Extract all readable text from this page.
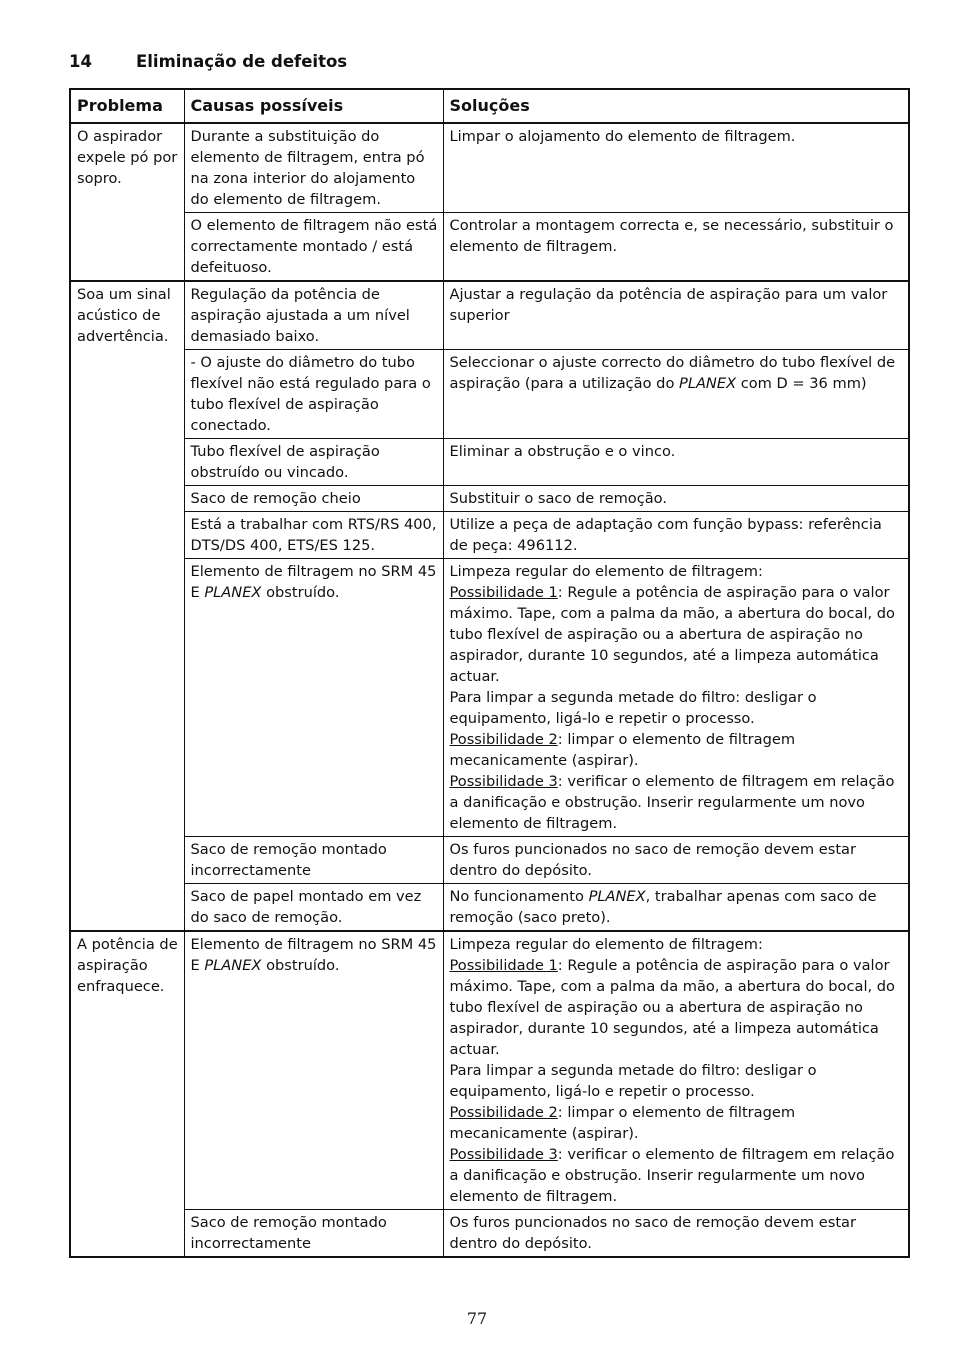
14	Eliminação de defeitos
Problema	Causas possíveis	Soluções
O aspirador expele pó por sopro.	Durante a substituição do elemento de filtragem, entra pó na zona interior do alojamento do elemento de filtragem.	Limpar o alojamento do elemento de filtragem.

	O elemento de filtragem não está correctamente montado / está defeituoso.	Controlar a montagem correcta e, se necessário, substituir o elemento de filtragem.

Soa um sinal acústico de advertência.	Regulação da potência de aspiração ajustada a um nível demasiado baixo.	Ajustar a regulação da potência de aspiração para um valor superior

	- O ajuste do diâmetro do tubo flexível não está regulado para o tubo flexível de aspiração conectado.	Seleccionar o ajuste correcto do diâmetro do tubo flexível de aspiração (para a utilização do PLANEX com D = 36 mm)

	Tubo flexível de aspiração obstruído ou vincado.	Eliminar a obstrução e o vinco.

	Saco de remoção cheio	Substituir o saco de remoção.

	Está a trabalhar com RTS/RS 400, DTS/DS 400, ETS/ES 125.	Utilize a peça de adaptação com função bypass: referência de peça: 496112.

	Elemento de filtragem no SRM 45 E PLANEX obstruído.	Limpeza regular do elemento de filtragem:
Possibilidade 1: Regule a potência de aspiração para o valor máximo. Tape, com a palma da mão, a abertura do bocal, do tubo flexível de aspiração ou a abertura de aspiração no aspirador, durante 10 segundos, até a limpeza automática actuar.
Para limpar a segunda metade do filtro: desligar o equipamento, ligá-lo e repetir o processo.
Possibilidade 2: limpar o elemento de filtragem mecanicamente (aspirar).
Possibilidade 3: verificar o elemento de filtragem em relação a danificação e obstrução. Inserir regularmente um novo elemento de filtragem.

	Saco de remoção montado incorrectamente	Os furos puncionados no saco de remoção devem estar dentro do depósito.

	Saco de papel montado em vez do saco de remoção.	No funcionamento PLANEX, trabalhar apenas com saco de remoção (saco preto).

A potência de aspiração enfraquece.	Elemento de filtragem no SRM 45 E PLANEX obstruído.	Limpeza regular do elemento de filtragem:
Possibilidade 1: Regule a potência de aspiração para o valor máximo. Tape, com a palma da mão, a abertura do bocal, do tubo flexível de aspiração ou a abertura de aspiração no aspirador, durante 10 segundos, até a limpeza automática actuar.
Para limpar a segunda metade do filtro: desligar o equipamento, ligá-lo e repetir o processo.
Possibilidade 2: limpar o elemento de filtragem mecanicamente (aspirar).
Possibilidade 3: verificar o elemento de filtragem em relação a danificação e obstrução. Inserir regularmente um novo elemento de filtragem.

	Saco de remoção montado incorrectamente	Os furos puncionados no saco de remoção devem estar dentro do depósito.
77
